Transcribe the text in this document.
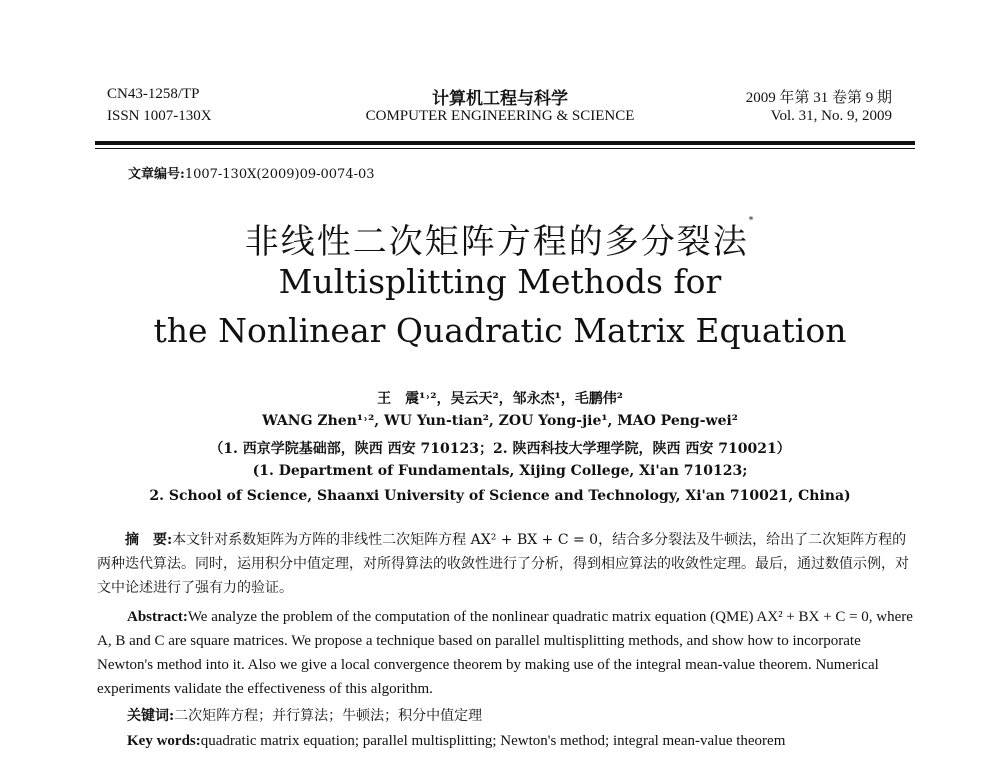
CN43-1258/TP
ISSN 1007-130X
计算机工程与科学
COMPUTER ENGINEERING & SCIENCE
2009 年第 31 卷第 9 期
Vol. 31, No. 9, 2009
文章编号:1007-130X(2009)09-0074-03
非线性二次矩阵方程的多分裂法*
Multisplitting Methods for
the Nonlinear Quadratic Matrix Equation
王　震¹˒²，吴云天²，邹永杰¹，毛鹏伟²
WANG Zhen¹˒², WU Yun-tian², ZOU Yong-jie¹, MAO Peng-wei²
（1. 西京学院基础部，陕西 西安 710123；2. 陕西科技大学理学院，陕西 西安 710021）
(1. Department of Fundamentals, Xijing College, Xi'an 710123;
2. School of Science, Shaanxi University of Science and Technology, Xi'an 710021, China)
摘　要:本文针对系数矩阵为方阵的非线性二次矩阵方程 AX² + BX + C = 0，结合多分裂法及牛顿法，给出了二次矩阵方程的两种迭代算法。同时，运用积分中值定理，对所得算法的收敛性进行了分析，得到相应算法的收敛性定理。最后，通过数值示例，对文中论述进行了强有力的验证。
Abstract:We analyze the problem of the computation of the nonlinear quadratic matrix equation (QME) AX² + BX + C = 0, where A, B and C are square matrices. We propose a technique based on parallel multisplitting methods, and show how to incorporate Newton's method into it. Also we give a local convergence theorem by making use of the integral mean-value theorem. Numerical experiments validate the effectiveness of this algorithm.
关键词:二次矩阵方程；并行算法；牛顿法；积分中值定理
Key words:quadratic matrix equation; parallel multisplitting; Newton's method; integral mean-value theorem
